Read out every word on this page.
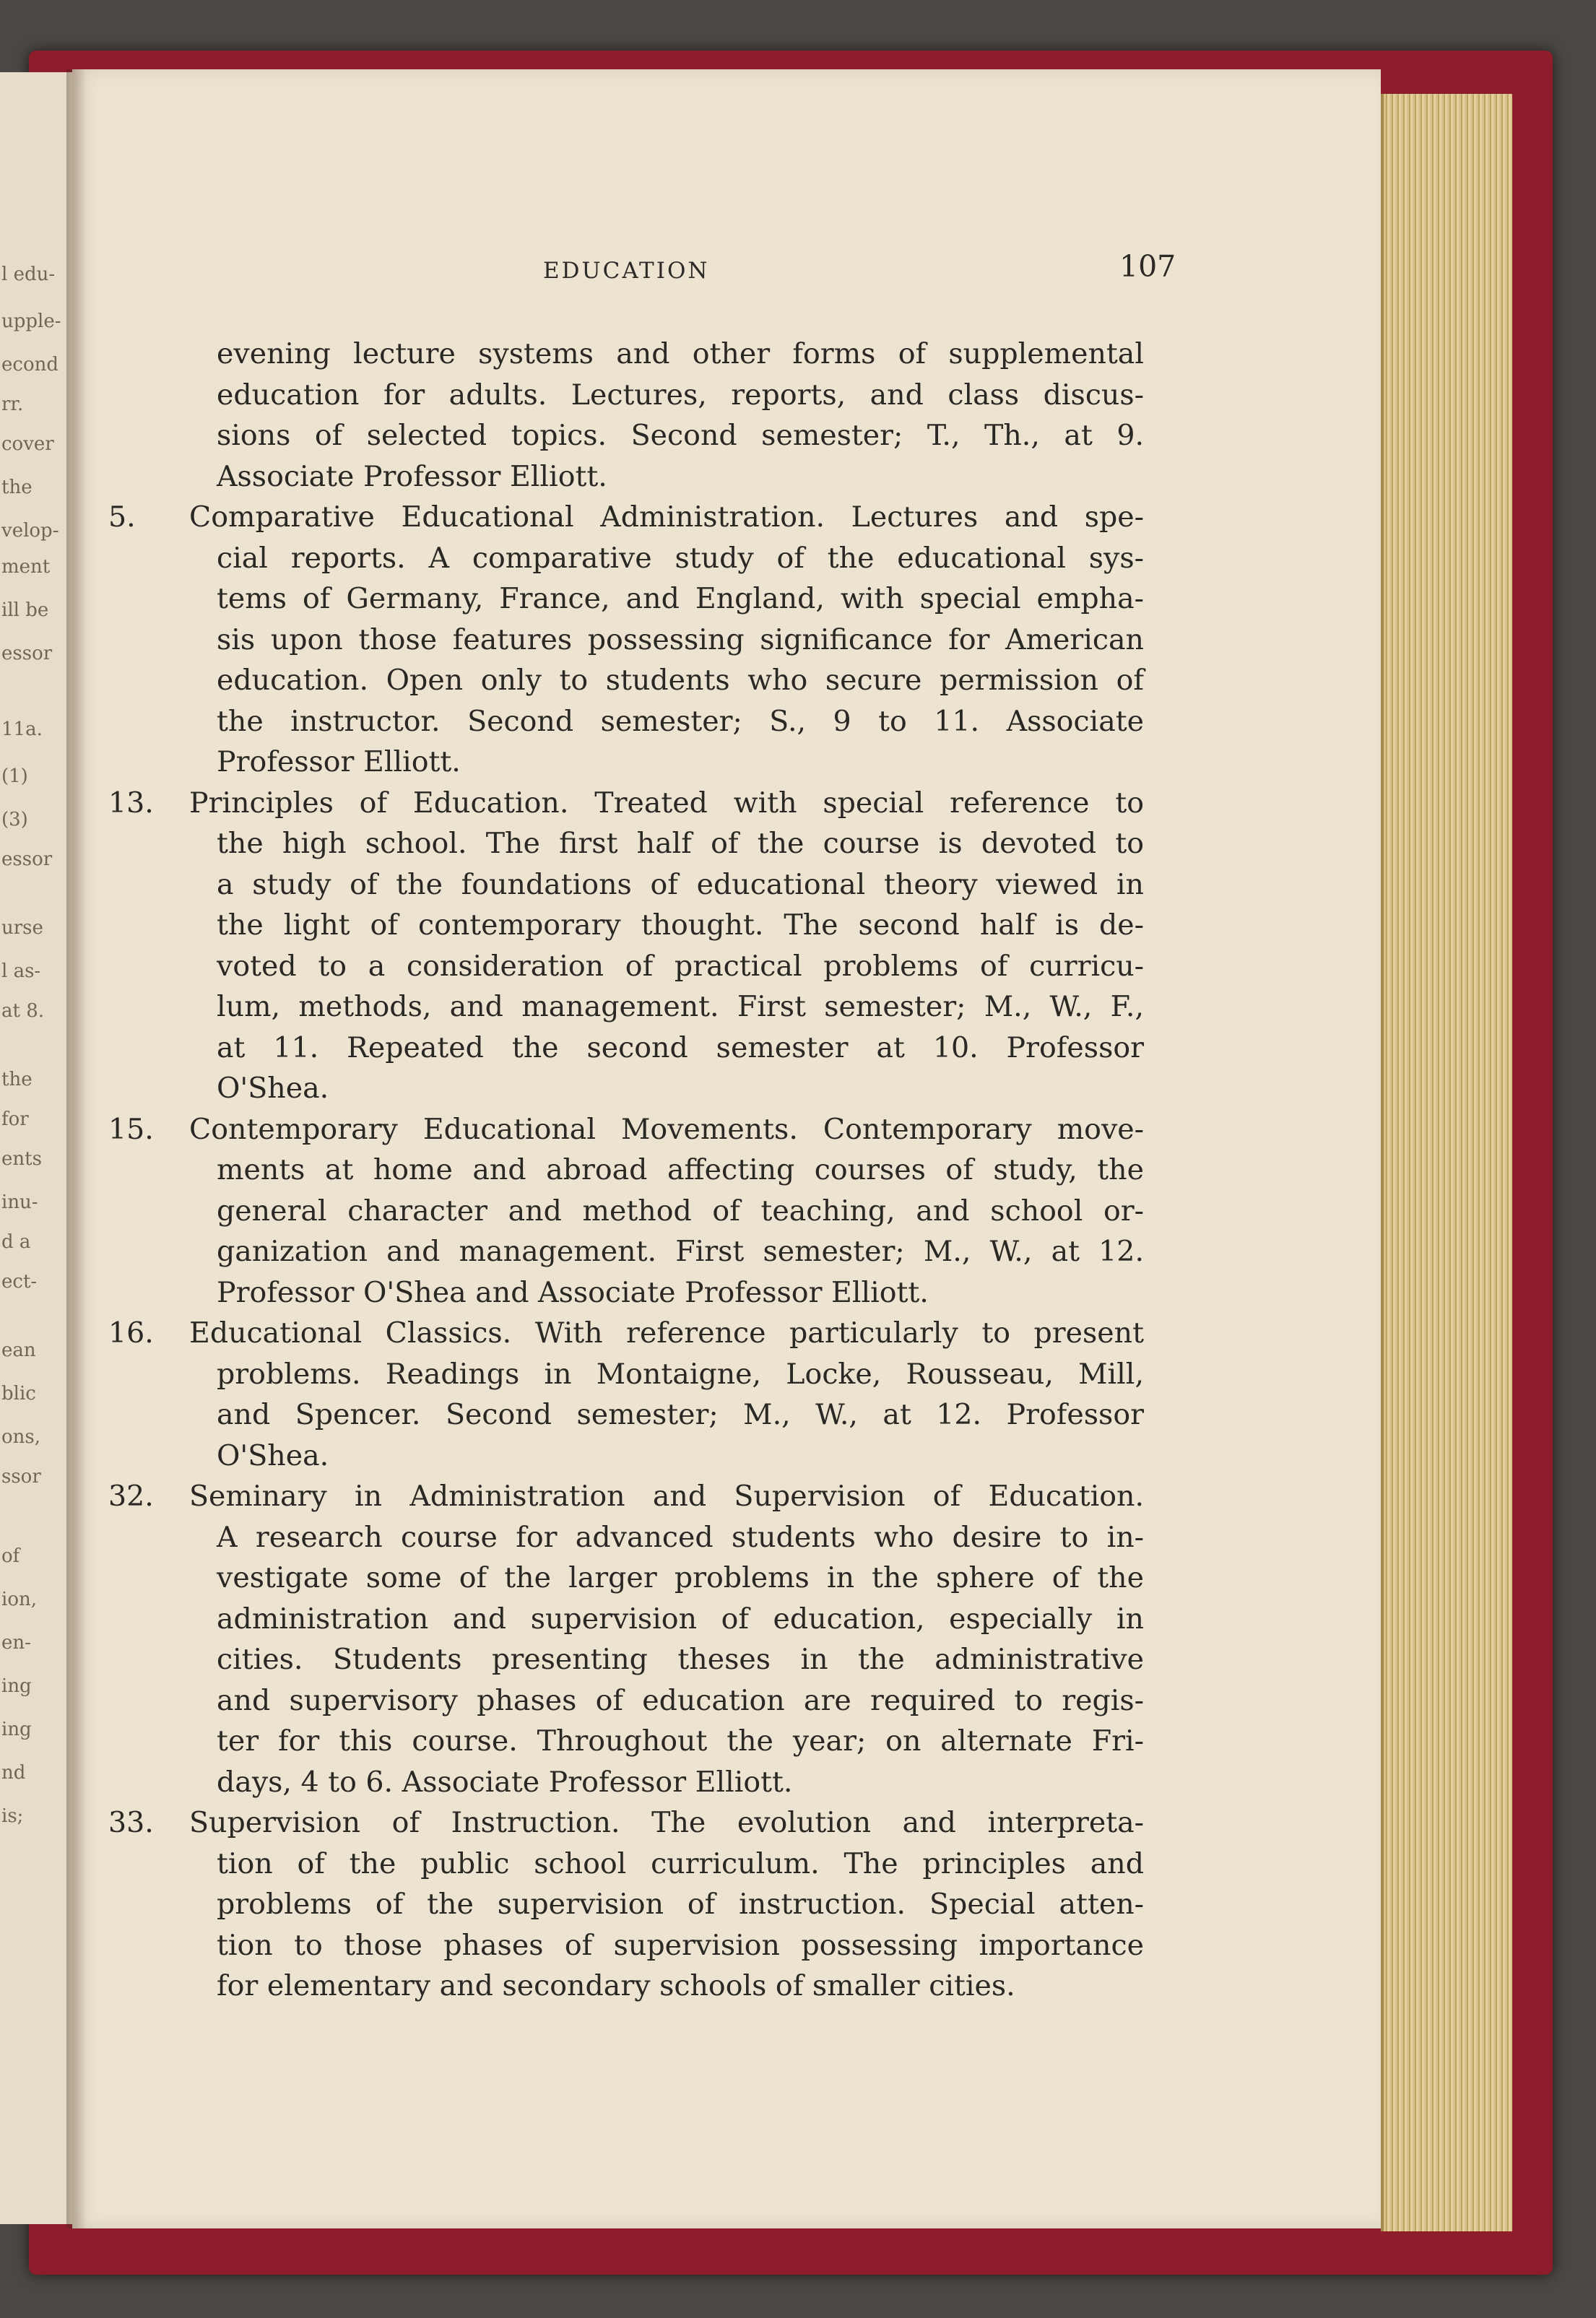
l edu-
upple-
econd
rr.
cover
the
velop-
ment
ill be
essor
11a.
(1)
(3)
essor
urse
l as-
at 8.
the
for
ents
inu-
d a
ect-
ean
blic
ons,
ssor
of
ion,
en-
ing
ing
nd
is;
EDUCATION	107
evening lecture systems and other forms of supplemental
education for adults. Lectures, reports, and class discus-
sions of selected topics. Second semester; T., Th., at 9.
Associate Professor Elliott.
5. Comparative Educational Administration. Lectures and spe-
cial reports. A comparative study of the educational sys-
tems of Germany, France, and England, with special empha-
sis upon those features possessing significance for American
education. Open only to students who secure permission of
the instructor. Second semester; S., 9 to 11. Associate
Professor Elliott.
13. Principles of Education. Treated with special reference to
the high school. The first half of the course is devoted to
a study of the foundations of educational theory viewed in
the light of contemporary thought. The second half is de-
voted to a consideration of practical problems of curricu-
lum, methods, and management. First semester; M., W., F.,
at 11. Repeated the second semester at 10. Professor
O'Shea.
15. Contemporary Educational Movements. Contemporary move-
ments at home and abroad affecting courses of study, the
general character and method of teaching, and school or-
ganization and management. First semester; M., W., at 12.
Professor O'Shea and Associate Professor Elliott.
16. Educational Classics. With reference particularly to present
problems. Readings in Montaigne, Locke, Rousseau, Mill,
and Spencer. Second semester; M., W., at 12. Professor
O'Shea.
32. Seminary in Administration and Supervision of Education.
A research course for advanced students who desire to in-
vestigate some of the larger problems in the sphere of the
administration and supervision of education, especially in
cities. Students presenting theses in the administrative
and supervisory phases of education are required to regis-
ter for this course. Throughout the year; on alternate Fri-
days, 4 to 6. Associate Professor Elliott.
33. Supervision of Instruction. The evolution and interpreta-
tion of the public school curriculum. The principles and
problems of the supervision of instruction. Special atten-
tion to those phases of supervision possessing importance
for elementary and secondary schools of smaller cities.
